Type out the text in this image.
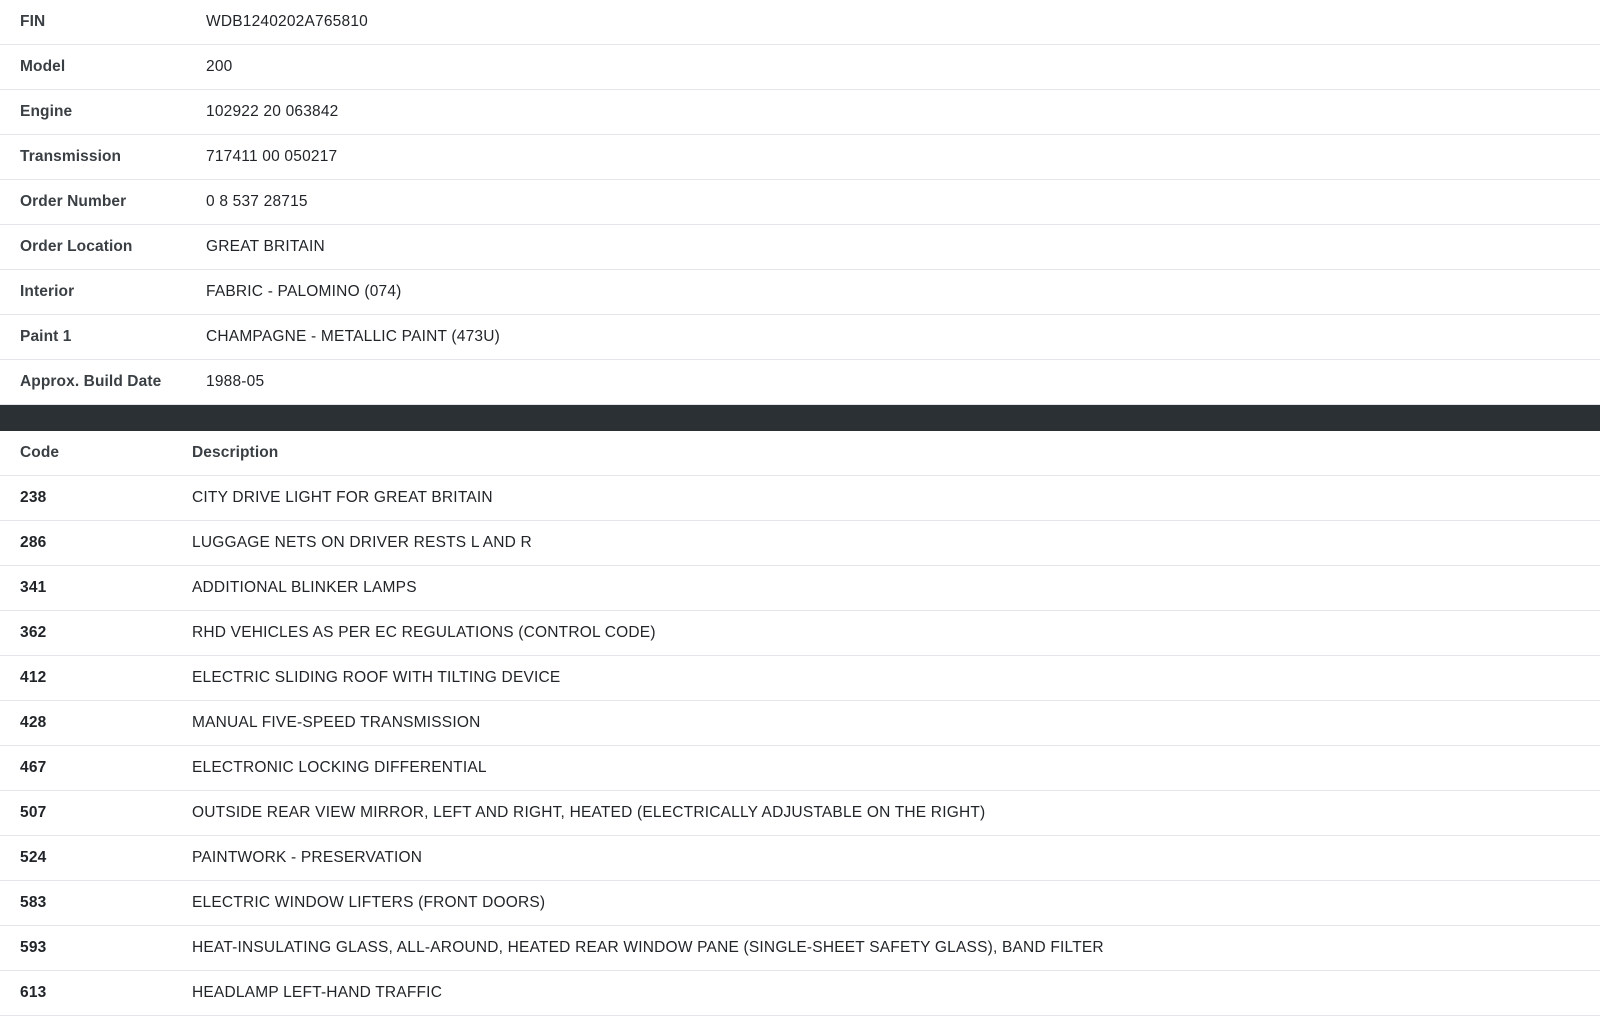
FIN	WDB1240202A765810
Model	200
Engine	102922 20 063842
Transmission	717411 00 050217
Order Number	0 8 537 28715
Order Location	GREAT BRITAIN
Interior	FABRIC - PALOMINO (074)
Paint 1	CHAMPAGNE - METALLIC PAINT (473U)
Approx. Build Date	1988-05
Code	Description
238	CITY DRIVE LIGHT FOR GREAT BRITAIN
286	LUGGAGE NETS ON DRIVER RESTS L AND R
341	ADDITIONAL BLINKER LAMPS
362	RHD VEHICLES AS PER EC REGULATIONS (CONTROL CODE)
412	ELECTRIC SLIDING ROOF WITH TILTING DEVICE
428	MANUAL FIVE-SPEED TRANSMISSION
467	ELECTRONIC LOCKING DIFFERENTIAL
507	OUTSIDE REAR VIEW MIRROR, LEFT AND RIGHT, HEATED (ELECTRICALLY ADJUSTABLE ON THE RIGHT)
524	PAINTWORK - PRESERVATION
583	ELECTRIC WINDOW LIFTERS (FRONT DOORS)
593	HEAT-INSULATING GLASS, ALL-AROUND, HEATED REAR WINDOW PANE (SINGLE-SHEET SAFETY GLASS), BAND FILTER
613	HEADLAMP LEFT-HAND TRAFFIC
